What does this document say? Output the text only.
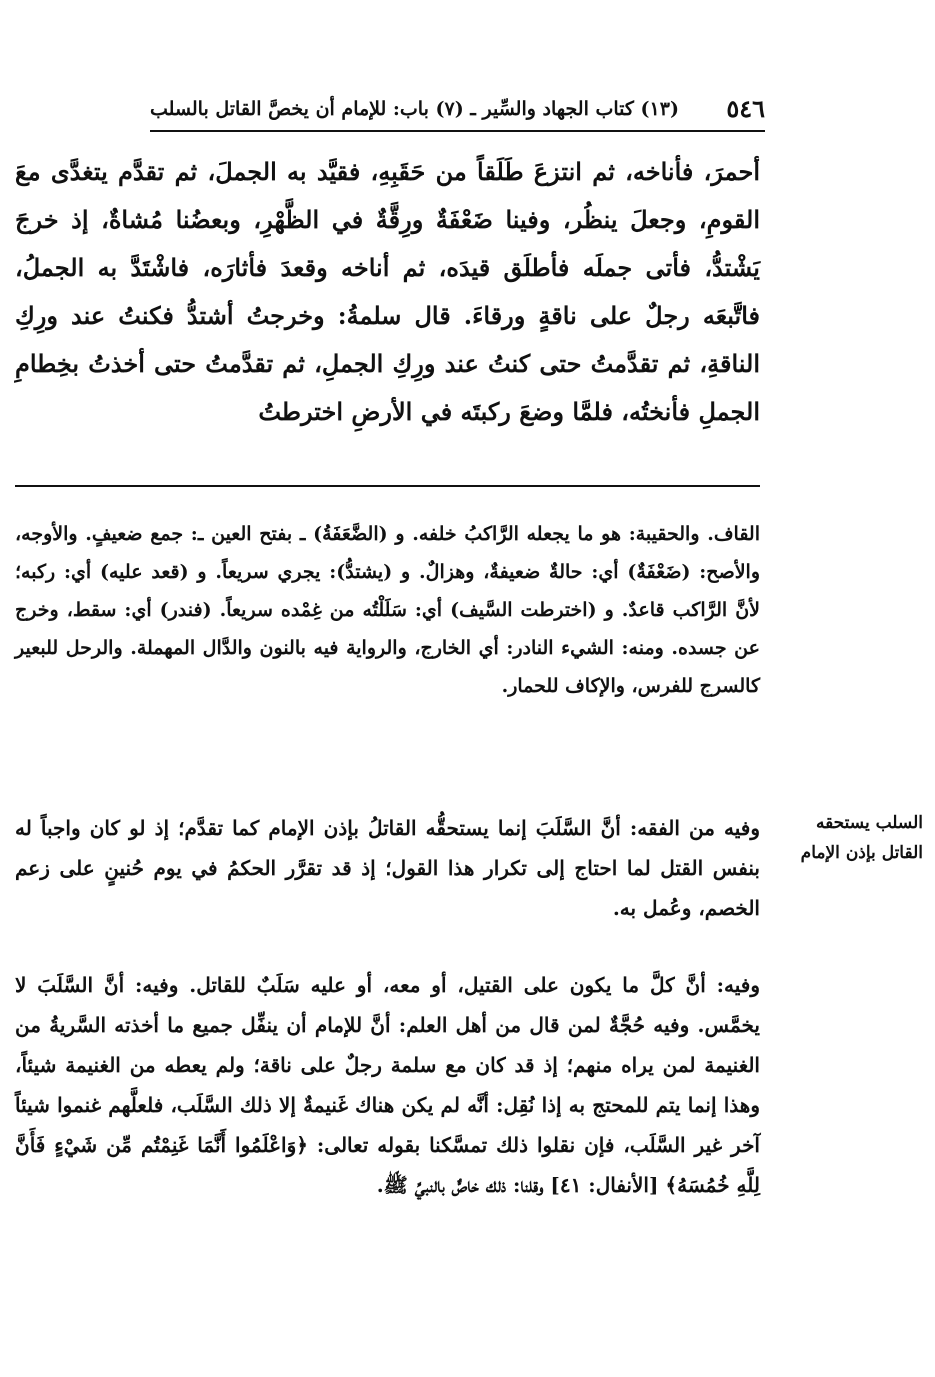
٥٤٦
(١٣) كتاب الجهاد والسِّير ـ (٧) باب: للإمام أن يخصَّ القاتل بالسلب

أحمرَ، فأناخه، ثم انتزعَ طَلَقاً من حَقَبِهِ، فقيَّد به الجملَ، ثم تقدَّم يتغدَّى معَ القومِ، وجعلَ ينظُر، وفينا ضَعْفَةٌ ورِقَّةٌ في الظَّهْرِ، وبعضُنا مُشاةٌ، إذ خرجَ يَشْتدُّ، فأتى جملَه فأطلَق قيدَه، ثم أناخه وقعدَ فأثارَه، فاشْتَدَّ به الجملُ، فاتَّبعَه رجلٌ على ناقةٍ ورقاءَ. قال سلمةُ: وخرجتُ أشتدُّ فكنتُ عند ورِكِ الناقةِ، ثم تقدَّمتُ حتى كنتُ عند ورِكِ الجملِ، ثم تقدَّمتُ حتى أخذتُ بخِطامِ الجملِ فأنختُه، فلمَّا وضعَ ركبتَه في الأرضِ اخترطتُ

القاف. والحقيبة: هو ما يجعله الرَّاكبُ خلفه. و (الضَّعَفَةُ) ـ بفتح العين ـ: جمع ضعيفٍ. والأوجه، والأصح: (ضَعْفَةٌ) أي: حالةٌ ضعيفةٌ، وهزالٌ. و (يشتدُّ): يجري سريعاً. و (قعد عليه) أي: ركبه؛ لأنَّ الرَّاكب قاعدٌ. و (اخترطت السَّيف) أي: سَلَلْتُه من غِمْده سريعاً. (فندر) أي: سقط، وخرج عن جسده. ومنه: الشيء النادر: أي الخارج، والرواية فيه بالنون والدَّال المهملة. والرحل للبعير كالسرج للفرس، والإكاف للحمار.

السلب يستحقه القاتل بإذن الإمام

وفيه من الفقه: أنَّ السَّلَبَ إنما يستحقُّه القاتلُ بإذن الإمام كما تقدَّم؛ إذ لو كان واجباً له بنفس القتل لما احتاج إلى تكرار هذا القول؛ إذ قد تقرَّر الحكمُ في يوم حُنينٍ على زعم الخصم، وعُمل به.

وفيه: أنَّ كلَّ ما يكون على القتيل، أو معه، أو عليه سَلَبٌ للقاتل. وفيه: أنَّ السَّلَبَ لا يخمَّس. وفيه حُجَّةٌ لمن قال من أهل العلم: أنَّ للإمام أن ينفِّل جميع ما أخذته السَّريةُ من الغنيمة لمن يراه منهم؛ إذ قد كان مع سلمة رجلٌ على ناقة؛ ولم يعطه من الغنيمة شيئاً، وهذا إنما يتم للمحتج به إذا نُقِل: أنَّه لم يكن هناك غَنيمةٌ إلا ذلك السَّلَب، فلعلَّهم غنموا شيئاً آخر غير السَّلَب، فإن نقلوا ذلك تمسَّكنا بقوله تعالى: ﴿وَاعْلَمُوا أَنَّمَا غَنِمْتُم مِّن شَيْءٍ فَأَنَّ لِلَّهِ خُمُسَهُ﴾ [الأنفال: ٤١] وقلنا: ذلك خاصٌّ بالنبيِّ ﷺ.
